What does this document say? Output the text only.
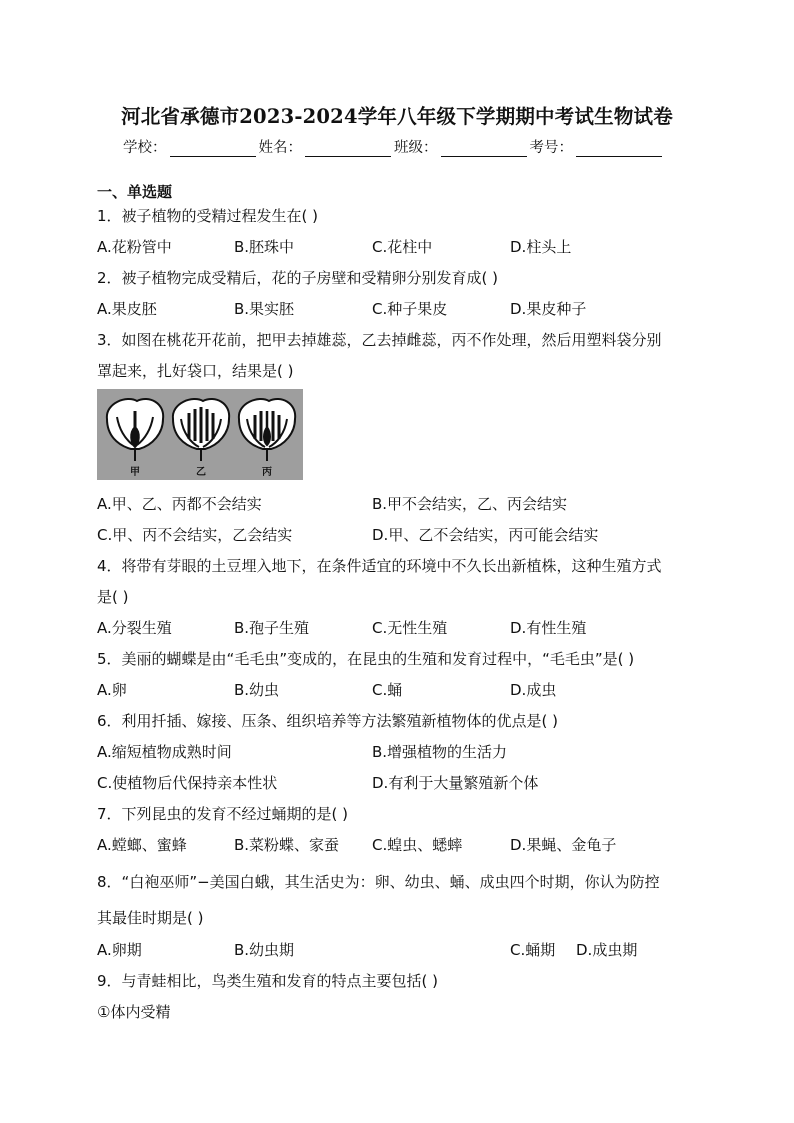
河北省承德市2023-2024学年八年级下学期期中考试生物试卷
学校：	姓名：	班级：	考号：
一、单选题
1．被子植物的受精过程发生在( )
A.花粉管中	B.胚珠中	C.花柱中	D.柱头上
2．被子植物完成受精后，花的子房壁和受精卵分别发育成( )
A.果皮胚	B.果实胚	C.种子果皮	D.果皮种子
3．如图在桃花开花前，把甲去掉雄蕊，乙去掉雌蕊，丙不作处理，然后用塑料袋分别
罩起来，扎好袋口，结果是( )
甲	乙	丙
A.甲、乙、丙都不会结实	B.甲不会结实，乙、丙会结实
C.甲、丙不会结实，乙会结实	D.甲、乙不会结实，丙可能会结实
4．将带有芽眼的土豆埋入地下，在条件适宜的环境中不久长出新植株，这种生殖方式
是( )
A.分裂生殖	B.孢子生殖	C.无性生殖	D.有性生殖
5．美丽的蝴蝶是由“毛毛虫”变成的，在昆虫的生殖和发育过程中，“毛毛虫”是( )
A.卵	B.幼虫	C.蛹	D.成虫
6．利用扦插、嫁接、压条、组织培养等方法繁殖新植物体的优点是( )
A.缩短植物成熟时间	B.增强植物的生活力
C.使植物后代保持亲本性状	D.有利于大量繁殖新个体
7．下列昆虫的发育不经过蛹期的是( )
A.螳螂、蜜蜂	B.菜粉蝶、家蚕 C.蝗虫、蟋蟀	D.果蝇、金龟子
8．“白袍巫师”−美国白蛾，其生活史为：卵、幼虫、蛹、成虫四个时期，你认为防控
其最佳时期是( )
A.卵期	B.幼虫期	C.蛹期 D.成虫期
9．与青蛙相比，鸟类生殖和发育的特点主要包括( )
①体内受精
